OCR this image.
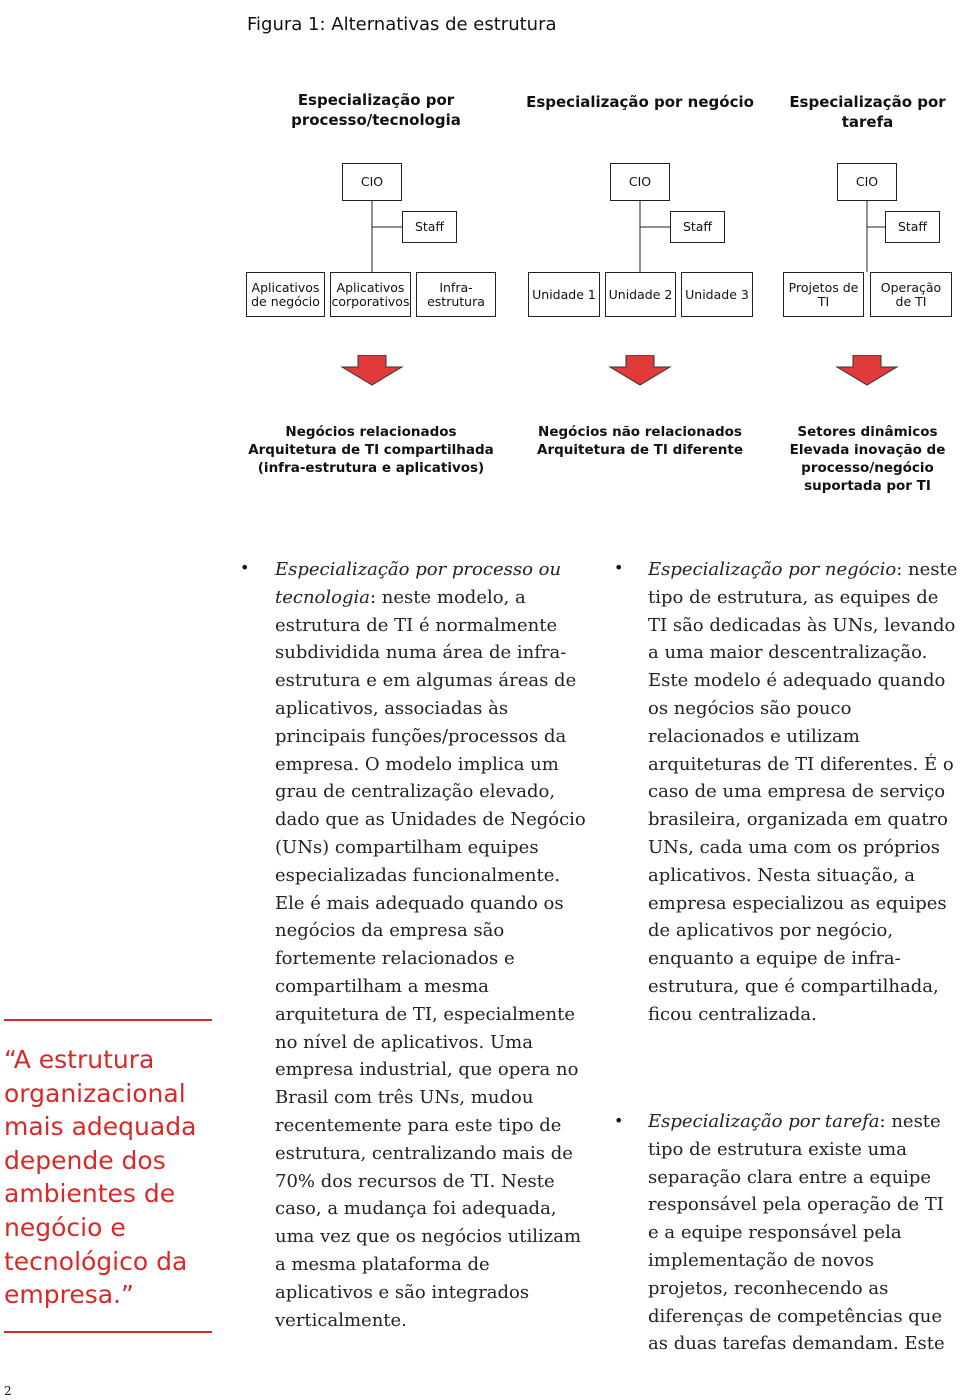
Figura 1: Alternativas de estrutura
Especialização por processo/tecnologia
Especialização por negócio	Especialização por tarefa
CIO
Staff
Aplicativos de negócio
Aplicativos corporativos
Infra-estrutura
CIO
Staff
Unidade 1	Unidade 2	Unidade 3
CIO
Staff
Projetos de TI
Operação de TI
Negócios relacionados
Arquitetura de TI compartilhada
(infra-estrutura e aplicativos)
Negócios não relacionados
Arquitetura de TI diferente
Setores dinâmicos
Elevada inovação de
processo/negócio
suportada por TI
• Especialização por processo ou tecnologia: neste modelo, a estrutura de TI é normalmente subdividida numa área de infra-estrutura e em algumas áreas de aplicativos, associadas às principais funções/processos da empresa. O modelo implica um grau de centralização elevado, dado que as Unidades de Negócio (UNs) compartilham equipes especializadas funcionalmente. Ele é mais adequado quando os negócios da empresa são fortemente relacionados e compartilham a mesma arquitetura de TI, especialmente no nível de aplicativos. Uma empresa industrial, que opera no Brasil com três UNs, mudou recentemente para este tipo de estrutura, centralizando mais de 70% dos recursos de TI. Neste caso, a mudança foi adequada, uma vez que os negócios utilizam a mesma plataforma de aplicativos e são integrados verticalmente.
• Especialização por negócio: neste tipo de estrutura, as equipes de TI são dedicadas às UNs, levando a uma maior descentralização. Este modelo é adequado quando os negócios são pouco relacionados e utilizam arquiteturas de TI diferentes. É o caso de uma empresa de serviço brasileira, organizada em quatro UNs, cada uma com os próprios aplicativos. Nesta situação, a empresa especializou as equipes de aplicativos por negócio, enquanto a equipe de infra-estrutura, que é compartilhada, ficou centralizada.
• Especialização por tarefa: neste tipo de estrutura existe uma separação clara entre a equipe responsável pela operação de TI e a equipe responsável pela implementação de novos projetos, reconhecendo as diferenças de competências que as duas tarefas demandam. Este
“A estrutura organizacional mais adequada depende dos ambientes de negócio e tecnológico da empresa.”
2
